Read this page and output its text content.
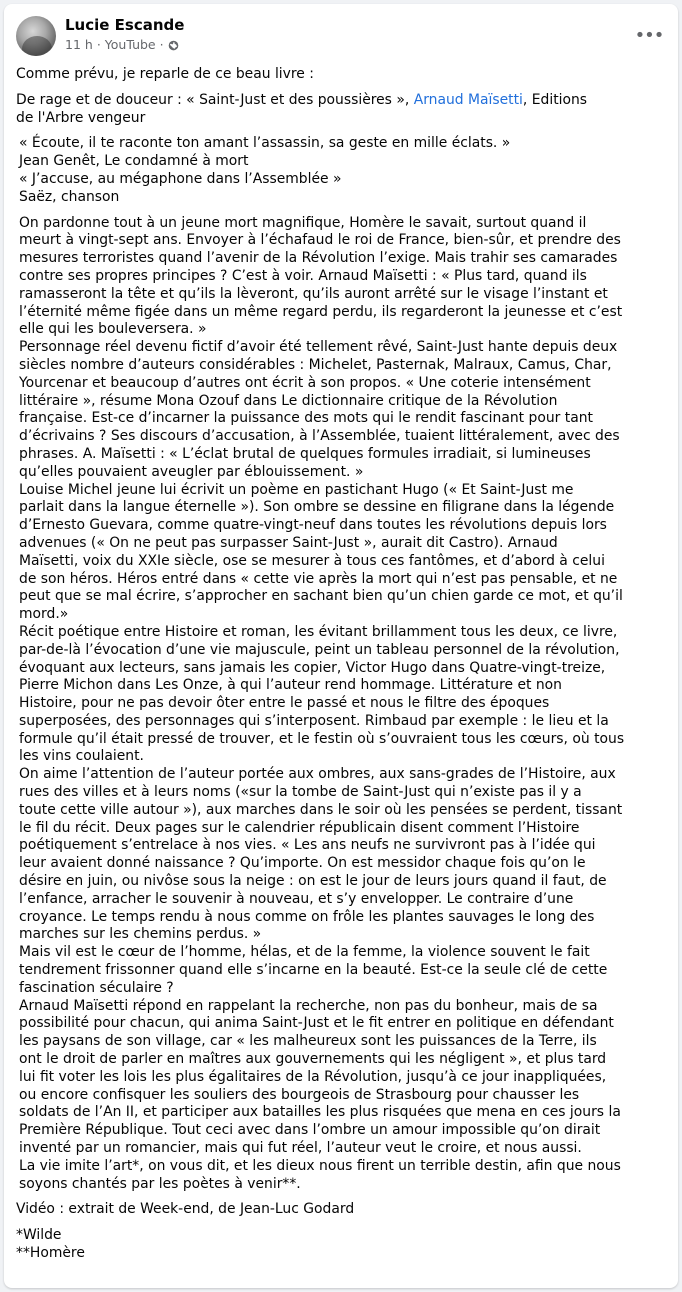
Lucie Escande
11 h · YouTube ·	•••

Comme prévu, je reparle de ce beau livre :

De rage et de douceur : « Saint-Just et des poussières », Arnaud Maïsetti, Editions
de l'Arbre vengeur
« Écoute, il te raconte ton amant l’assassin, sa geste en mille éclats. »
Jean Genêt, Le condamné à mort
« J’accuse, au mégaphone dans l’Assemblée »
Saëz, chanson
On pardonne tout à un jeune mort magnifique, Homère le savait, surtout quand il
meurt à vingt-sept ans. Envoyer à l’échafaud le roi de France, bien-sûr, et prendre des
mesures terroristes quand l’avenir de la Révolution l’exige. Mais trahir ses camarades
contre ses propres principes ? C’est à voir. Arnaud Maïsetti : « Plus tard, quand ils
ramasseront la tête et qu’ils la lèveront, qu’ils auront arrêté sur le visage l’instant et
l’éternité même figée dans un même regard perdu, ils regarderont la jeunesse et c’est
elle qui les bouleversera. »
Personnage réel devenu fictif d’avoir été tellement rêvé, Saint-Just hante depuis deux
siècles nombre d’auteurs considérables : Michelet, Pasternak, Malraux, Camus, Char,
Yourcenar et beaucoup d’autres ont écrit à son propos. « Une coterie intensément
littéraire », résume Mona Ozouf dans Le dictionnaire critique de la Révolution
française. Est-ce d’incarner la puissance des mots qui le rendit fascinant pour tant
d’écrivains ? Ses discours d’accusation, à l’Assemblée, tuaient littéralement, avec des
phrases. A. Maïsetti : « L’éclat brutal de quelques formules irradiait, si lumineuses
qu’elles pouvaient aveugler par éblouissement. »
Louise Michel jeune lui écrivit un poème en pastichant Hugo (« Et Saint-Just me
parlait dans la langue éternelle »). Son ombre se dessine en filigrane dans la légende
d’Ernesto Guevara, comme quatre-vingt-neuf dans toutes les révolutions depuis lors
advenues (« On ne peut pas surpasser Saint-Just », aurait dit Castro). Arnaud
Maïsetti, voix du XXIe siècle, ose se mesurer à tous ces fantômes, et d’abord à celui
de son héros. Héros entré dans « cette vie après la mort qui n’est pas pensable, et ne
peut que se mal écrire, s’approcher en sachant bien qu’un chien garde ce mot, et qu’il
mord.»
Récit poétique entre Histoire et roman, les évitant brillamment tous les deux, ce livre,
par-de-là l’évocation d’une vie majuscule, peint un tableau personnel de la révolution,
évoquant aux lecteurs, sans jamais les copier, Victor Hugo dans Quatre-vingt-treize,
Pierre Michon dans Les Onze, à qui l’auteur rend hommage. Littérature et non
Histoire, pour ne pas devoir ôter entre le passé et nous le filtre des époques
superposées, des personnages qui s’interposent. Rimbaud par exemple : le lieu et la
formule qu’il était pressé de trouver, et le festin où s’ouvraient tous les cœurs, où tous
les vins coulaient.
On aime l’attention de l’auteur portée aux ombres, aux sans-grades de l’Histoire, aux
rues des villes et à leurs noms («sur la tombe de Saint-Just qui n’existe pas il y a
toute cette ville autour »), aux marches dans le soir où les pensées se perdent, tissant
le fil du récit. Deux pages sur le calendrier républicain disent comment l’Histoire
poétiquement s’entrelace à nos vies. « Les ans neufs ne survivront pas à l’idée qui
leur avaient donné naissance ? Qu’importe. On est messidor chaque fois qu’on le
désire en juin, ou nivôse sous la neige : on est le jour de leurs jours quand il faut, de
l’enfance, arracher le souvenir à nouveau, et s’y envelopper. Le contraire d’une
croyance. Le temps rendu à nous comme on frôle les plantes sauvages le long des
marches sur les chemins perdus. »
Mais vil est le cœur de l’homme, hélas, et de la femme, la violence souvent le fait
tendrement frissonner quand elle s’incarne en la beauté. Est-ce la seule clé de cette
fascination séculaire ?
Arnaud Maïsetti répond en rappelant la recherche, non pas du bonheur, mais de sa
possibilité pour chacun, qui anima Saint-Just et le fit entrer en politique en défendant
les paysans de son village, car « les malheureux sont les puissances de la Terre, ils
ont le droit de parler en maîtres aux gouvernements qui les négligent », et plus tard
lui fit voter les lois les plus égalitaires de la Révolution, jusqu’à ce jour inappliquées,
ou encore confisquer les souliers des bourgeois de Strasbourg pour chausser les
soldats de l’An II, et participer aux batailles les plus risquées que mena en ces jours la
Première République. Tout ceci avec dans l’ombre un amour impossible qu’on dirait
inventé par un romancier, mais qui fut réel, l’auteur veut le croire, et nous aussi.
La vie imite l’art*, on vous dit, et les dieux nous firent un terrible destin, afin que nous
soyons chantés par les poètes à venir**.

Vidéo : extrait de Week-end, de Jean-Luc Godard

*Wilde
**Homère
